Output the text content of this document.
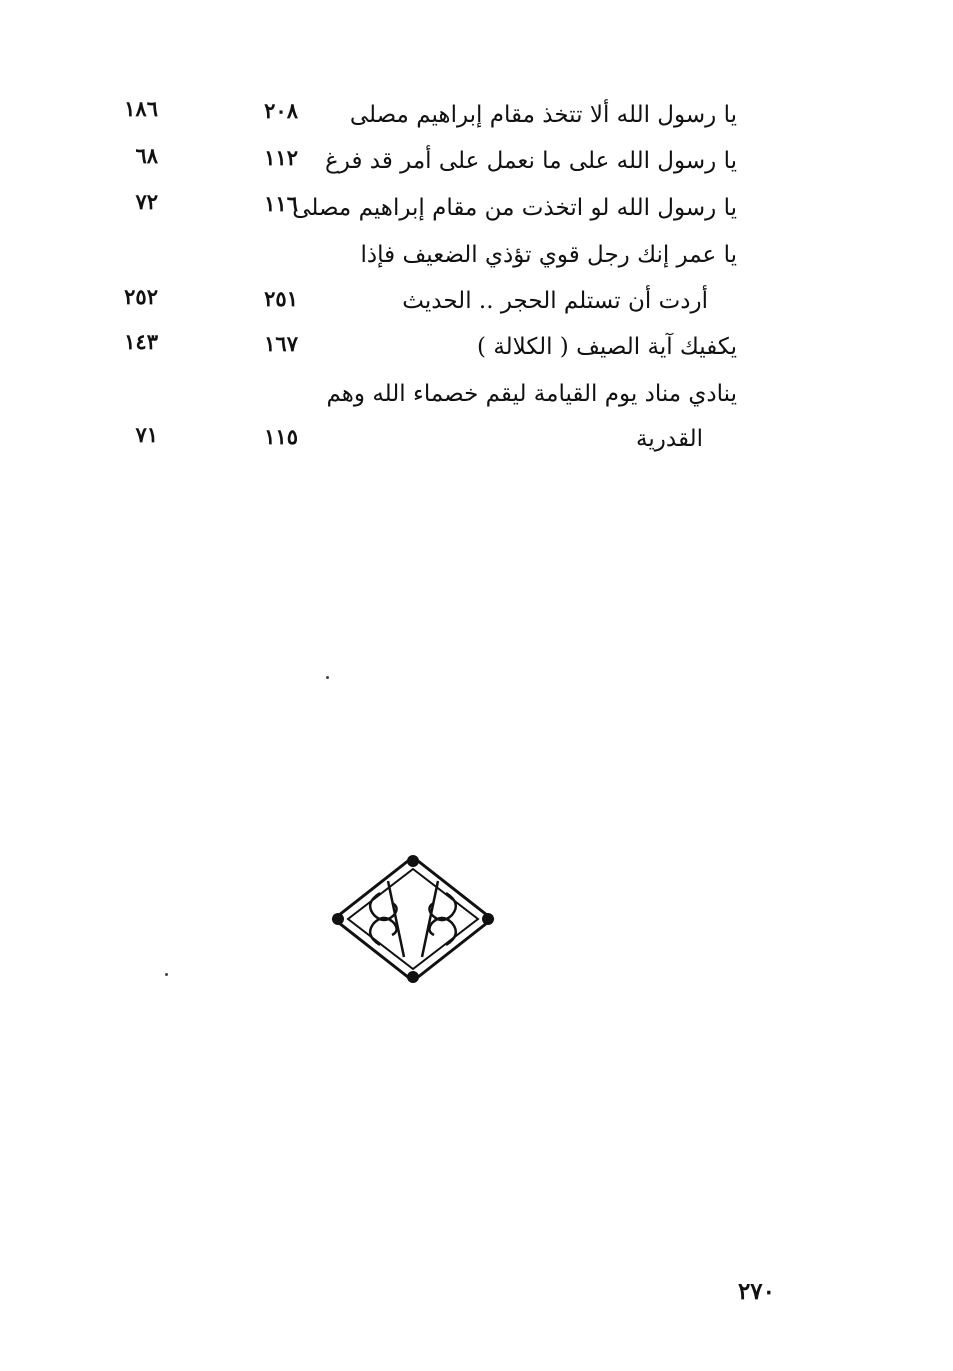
يا رسول الله ألا تتخذ مقام إبراهيم مصلى
٢٠٨
١٨٦
يا رسول الله على ما نعمل على أمر قد فرغ
١١٢
٦٨
يا رسول الله لو اتخذت من مقام إبراهيم مصلى
١١٦
٧٢
يا عمر إنك رجل قوي تؤذي الضعيف فإذا
أردت أن تستلم الحجر .. الحديث
٢٥١
٢٥٢
يكفيك آية الصيف ( الكلالة )
١٦٧
١٤٣
ينادي مناد يوم القيامة ليقم خصماء الله وهم
القدرية
١١٥
٧١
٢٧٠
